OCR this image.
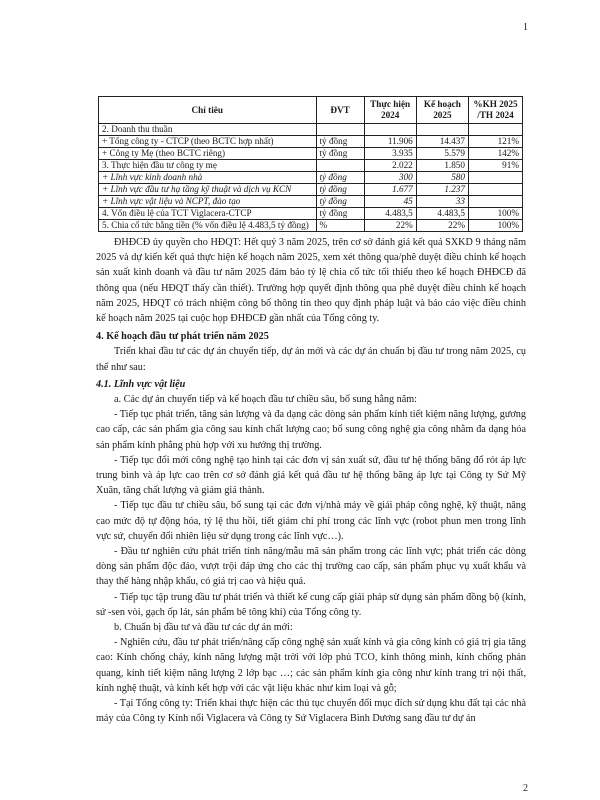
1
Chỉ tiêu	ĐVT	Thực hiện 2024	Kế hoạch 2025	%KH 2025 /TH 2024
2. Doanh thu thuần				
+ Tổng công ty - CTCP (theo BCTC hợp nhất)	tỷ đồng	11.906	14.437	121%
+ Công ty Mẹ (theo BCTC riêng)	tỷ đồng	3.935	5.579	142%
3. Thực hiện đầu tư công ty mẹ		2.022	1.850	91%
+ Lĩnh vực kinh doanh nhà	tỷ đồng	300	580	
+ Lĩnh vực đầu tư hạ tầng kỹ thuật và dịch vụ KCN	tỷ đồng	1.677	1.237	
+ Lĩnh vực vật liệu và NCPT, đào tạo	tỷ đồng	45	33	
4. Vốn điều lệ của TCT Viglacera-CTCP	tỷ đồng	4.483,5	4.483,5	100%
5. Chia cổ tức bằng tiền (% vốn điều lệ 4.483,5 tỷ đồng)	%	22%	22%	100%

ĐHĐCĐ ủy quyền cho HĐQT: Hết quý 3 năm 2025, trên cơ sở đánh giá kết quả SXKD 9 tháng năm 2025 và dự kiến kết quả thực hiện kế hoạch năm 2025, xem xét thông qua/phê duyệt điều chỉnh kế hoạch sản xuất kinh doanh và đầu tư năm 2025 đảm bảo tỷ lệ chia cổ tức tối thiểu theo kế hoạch ĐHĐCĐ đã thông qua (nếu HĐQT thấy cần thiết). Trường hợp quyết định thông qua phê duyệt điều chỉnh kế hoạch năm 2025, HĐQT có trách nhiệm công bố thông tin theo quy định pháp luật và báo cáo việc điều chỉnh kế hoạch năm 2025 tại cuộc họp ĐHĐCĐ gần nhất của Tổng công ty.

4. Kế hoạch đầu tư phát triển năm 2025

Triển khai đầu tư các dự án chuyển tiếp, dự án mới và các dự án chuẩn bị đầu tư trong năm 2025, cụ thể như sau:

4.1. Lĩnh vực vật liệu

a. Các dự án chuyển tiếp và kế hoạch đầu tư chiều sâu, bổ sung hằng năm:

- Tiếp tục phát triển, tăng sản lượng và đa dạng các dòng sản phẩm kính tiết kiệm năng lượng, gương cao cấp, các sản phẩm gia công sau kính chất lượng cao; bổ sung công nghệ gia công nhằm đa dạng hóa sản phẩm kính phẳng phù hợp với xu hướng thị trường.

- Tiếp tục đổi mới công nghệ tạo hình tại các đơn vị sản xuất sứ, đầu tư hệ thống băng đổ rót áp lực trung bình và áp lực cao trên cơ sở đánh giá kết quả đầu tư hệ thống băng áp lực tại Công ty Sứ Mỹ Xuân, tăng chất lượng và giảm giá thành.

- Tiếp tục đầu tư chiều sâu, bổ sung tại các đơn vị/nhà máy về giải pháp công nghệ, kỹ thuật, nâng cao mức độ tự động hóa, tỷ lệ thu hồi, tiết giảm chi phí trong các lĩnh vực (robot phun men trong lĩnh vực sứ, chuyển đổi nhiên liệu sử dụng trong các lĩnh vực…).

- Đầu tư nghiên cứu phát triển tính năng/mẫu mã sản phẩm trong các lĩnh vực; phát triển các dòng dòng sản phẩm độc đáo, vượt trội đáp ứng cho các thị trường cao cấp, sản phẩm phục vụ xuất khẩu và thay thế hàng nhập khẩu, có giá trị cao và hiệu quả.

- Tiếp tục tập trung đầu tư phát triển và thiết kế cung cấp giải pháp sử dụng sản phẩm đồng bộ (kính, sứ -sen vòi, gạch ốp lát, sản phẩm bê tông khí) của Tổng công ty.

b. Chuẩn bị đầu tư và đầu tư các dự án mới:

- Nghiên cứu, đầu tư phát triển/nâng cấp công nghệ sản xuất kính và gia công kính có giá trị gia tăng cao: Kính chống cháy, kính năng lượng mặt trời với lớp phủ TCO, kính thông minh, kính chống phản quang, kính tiết kiệm năng lượng 2 lớp bạc …; các sản phẩm kính gia công như kính trang trí nội thất, kính nghệ thuật, và kính kết hợp với các vật liệu khác như kim loại và gỗ;

- Tại Tổng công ty: Triển khai thực hiện các thủ tục chuyển đổi mục đích sử dụng khu đất tại các nhà máy của Công ty Kính nổi Viglacera và Công ty Sứ Viglacera Bình Dương sang đầu tư dự án

2
